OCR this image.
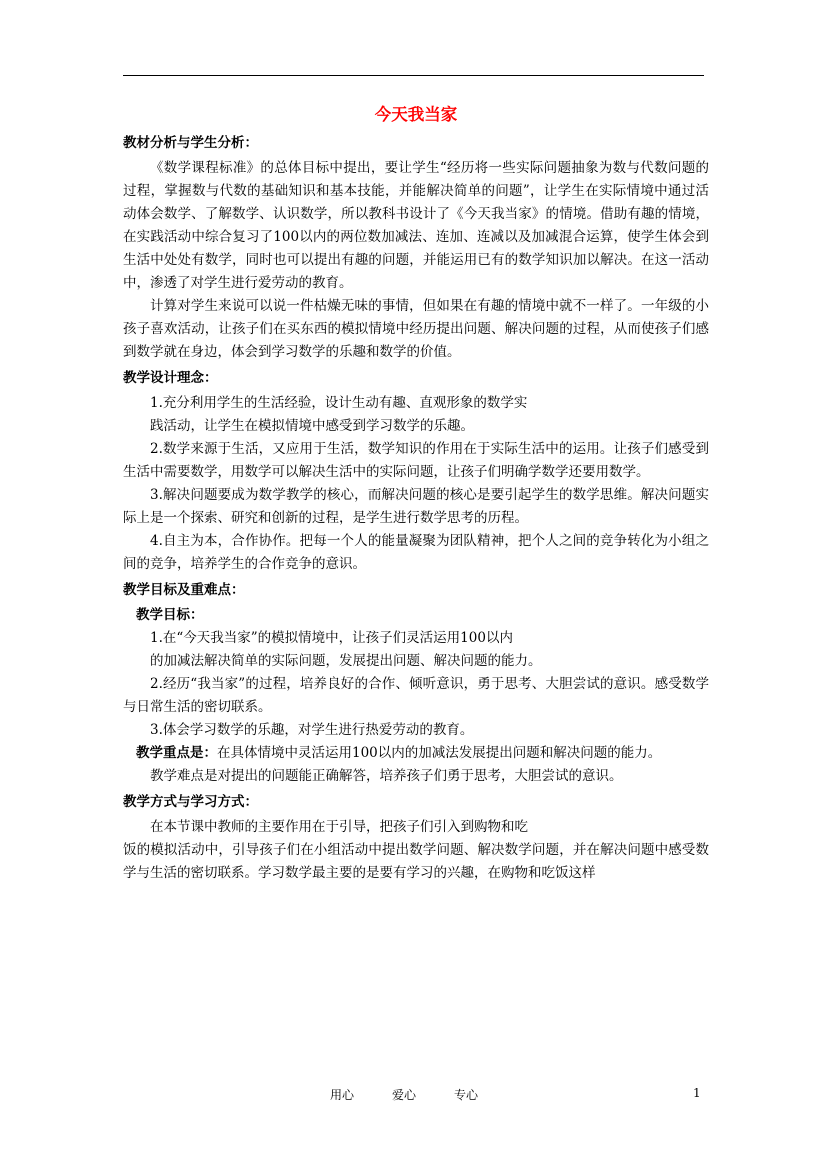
今天我当家
教材分析与学生分析：

《数学课程标准》的总体目标中提出，要让学生“经历将一些实际问题抽象为数与代数问题的过程，掌握数与代数的基础知识和基本技能，并能解决简单的问题”，让学生在实际情境中通过活动体会数学、了解数学、认识数学，所以教科书设计了《今天我当家》的情境。借助有趣的情境，在实践活动中综合复习了100以内的两位数加减法、连加、连减以及加减混合运算，使学生体会到生活中处处有数学，同时也可以提出有趣的问题，并能运用已有的数学知识加以解决。在这一活动中，渗透了对学生进行爱劳动的教育。

计算对学生来说可以说一件枯燥无味的事情，但如果在有趣的情境中就不一样了。一年级的小孩子喜欢活动，让孩子们在买东西的模拟情境中经历提出问题、解决问题的过程，从而使孩子们感到数学就在身边，体会到学习数学的乐趣和数学的价值。

教学设计理念：

1.充分利用学生的生活经验，设计生动有趣、直观形象的数学实

践活动，让学生在模拟情境中感受到学习数学的乐趣。

2.数学来源于生活，又应用于生活，数学知识的作用在于实际生活中的运用。让孩子们感受到生活中需要数学，用数学可以解决生活中的实际问题，让孩子们明确学数学还要用数学。

3.解决问题要成为数学教学的核心，而解决问题的核心是要引起学生的数学思维。解决问题实际上是一个探索、研究和创新的过程，是学生进行数学思考的历程。

4.自主为本，合作协作。把每一个人的能量凝聚为团队精神，把个人之间的竞争转化为小组之间的竞争，培养学生的合作竞争的意识。

教学目标及重难点：

教学目标：

1.在“今天我当家”的模拟情境中，让孩子们灵活运用100以内

的加减法解决简单的实际问题，发展提出问题、解决问题的能力。

2.经历“我当家”的过程，培养良好的合作、倾听意识，勇于思考、大胆尝试的意识。感受数学与日常生活的密切联系。

3.体会学习数学的乐趣，对学生进行热爱劳动的教育。

教学重点是：在具体情境中灵活运用100以内的加减法发展提出问题和解决问题的能力。

教学难点是对提出的问题能正确解答，培养孩子们勇于思考，大胆尝试的意识。

教学方式与学习方式：

在本节课中教师的主要作用在于引导，把孩子们引入到购物和吃

饭的模拟活动中，引导孩子们在小组活动中提出数学问题、解决数学问题，并在解决问题中感受数学与生活的密切联系。学习数学最主要的是要有学习的兴趣，在购物和吃饭这样

用心	爱心	专心	1
